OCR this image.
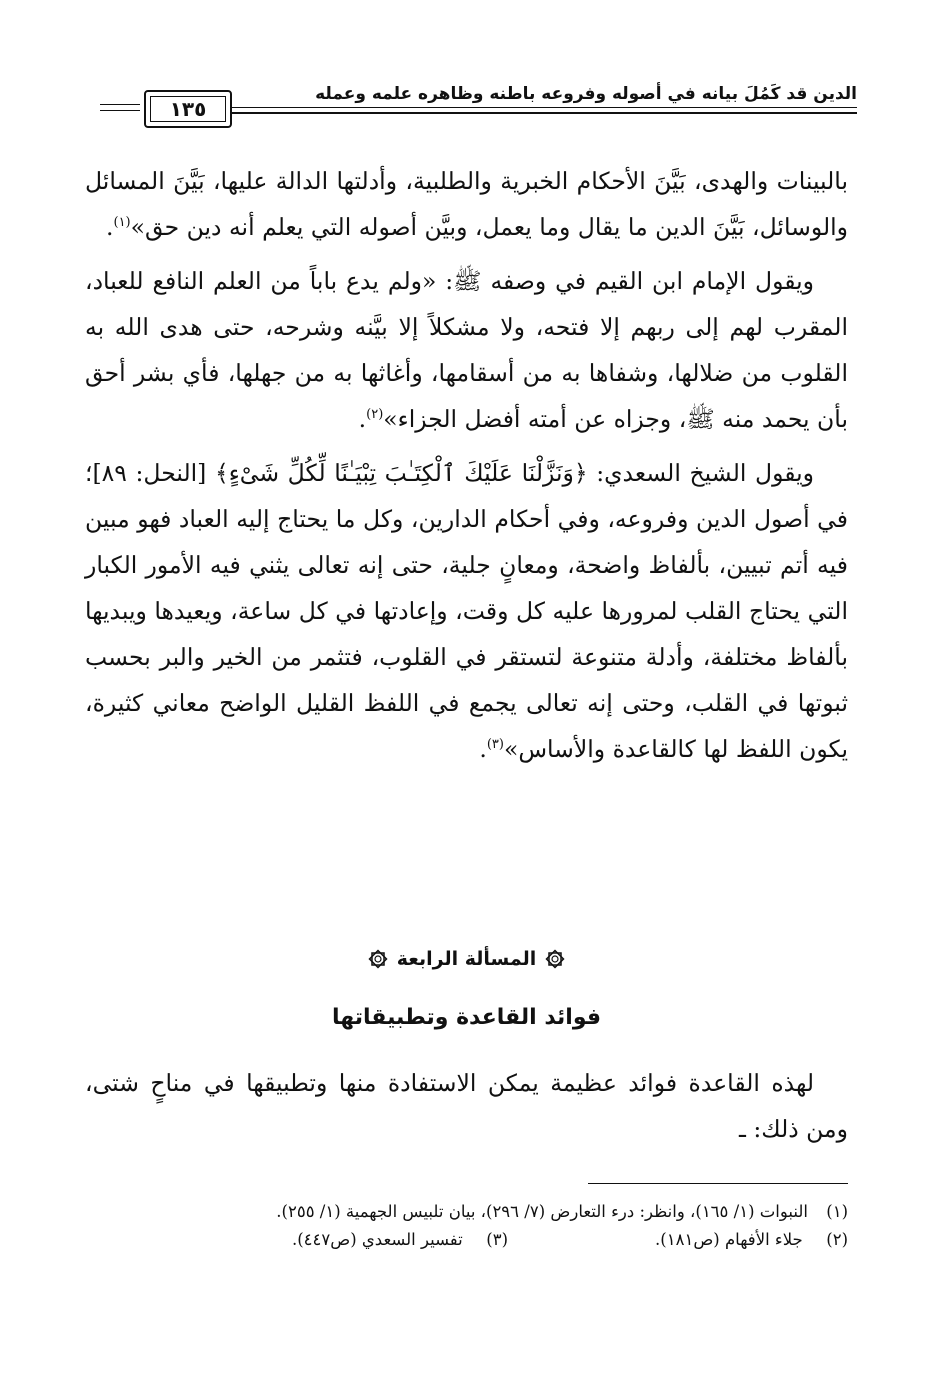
الدين قد كَمُلَ بيانه في أصوله وفروعه باطنه وظاهره علمه وعمله
١٣٥

بالبينات والهدى، بَيَّنَ الأحكام الخبرية والطلبية، وأدلتها الدالة عليها، بَيَّنَ المسائل والوسائل، بَيَّنَ الدين ما يقال وما يعمل، وبيَّن أصوله التي يعلم أنه دين حق»$^{(١)}$.

ويقول الإمام ابن القيم في وصفه ﷺ: «ولم يدع باباً من العلم النافع للعباد، المقرب لهم إلى ربهم إلا فتحه، ولا مشكلاً إلا بيَّنه وشرحه، حتى هدى الله به القلوب من ضلالها، وشفاها به من أسقامها، وأغاثها به من جهلها، فأي بشر أحق بأن يحمد منه ﷺ، وجزاه عن أمته أفضل الجزاء»$^{(٢)}$.

ويقول الشيخ السعدي: ﴿وَنَزَّلْنَا عَلَيْكَ ٱلْكِتَـٰبَ تِبْيَـٰنًا لِّكُلِّ شَىْءٍ﴾ [النحل: ٨٩]؛ في أصول الدين وفروعه، وفي أحكام الدارين، وكل ما يحتاج إليه العباد فهو مبين فيه أتم تبيين، بألفاظ واضحة، ومعانٍ جلية، حتى إنه تعالى يثني فيه الأمور الكبار التي يحتاج القلب لمرورها عليه كل وقت، وإعادتها في كل ساعة، ويعيدها ويبديها بألفاظ مختلفة، وأدلة متنوعة لتستقر في القلوب، فتثمر من الخير والبر بحسب ثبوتها في القلب، وحتى إنه تعالى يجمع في اللفظ القليل الواضح معاني كثيرة، يكون اللفظ لها كالقاعدة والأساس»$^{(٣)}$.

المسألة الرابعة
فوائد القاعدة وتطبيقاتها

لهذه القاعدة فوائد عظيمة يمكن الاستفادة منها وتطبيقها في مناحٍ شتى، ومن ذلك: ـ

(١)
النبوات (١/ ١٦٥)، وانظر: درء التعارض (٧/ ٢٩٦)، بيان تلبيس الجهمية (١/ ٢٥٥).
(٢) جلاء الأفهام (ص١٨١).
(٣) تفسير السعدي (ص٤٤٧).
